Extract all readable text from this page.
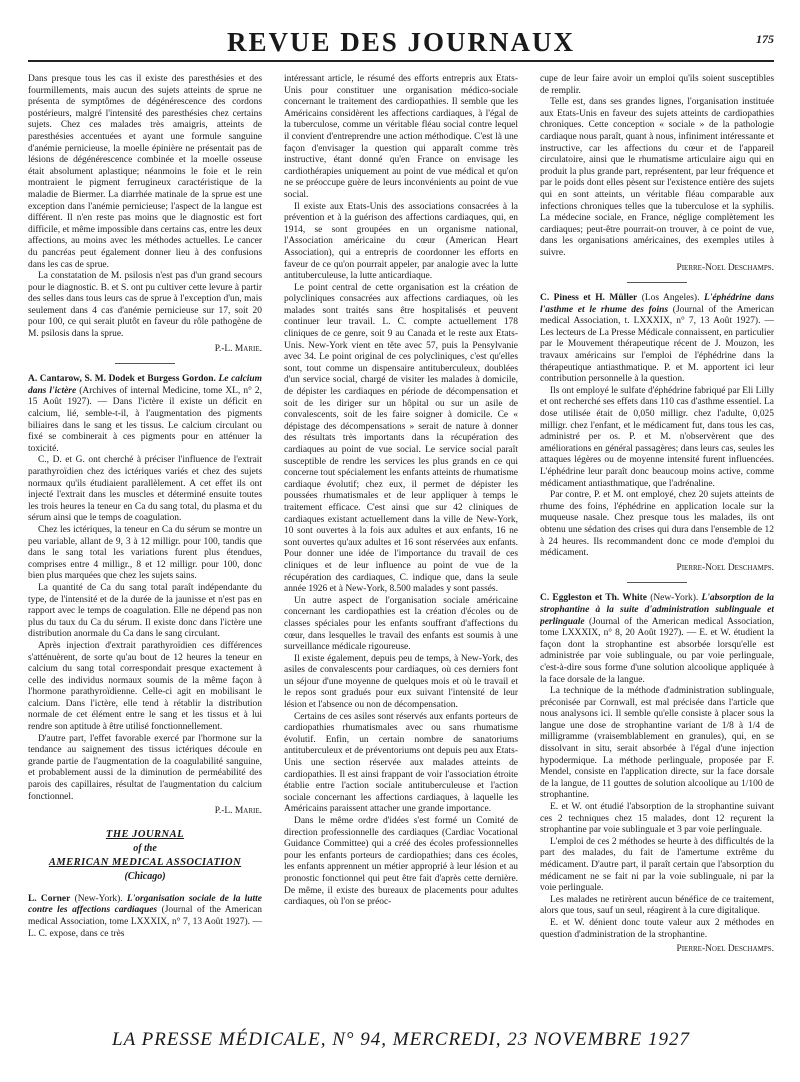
REVUE DES JOURNAUX	175

Dans presque tous les cas il existe des paresthésies et des fourmillements, mais aucun des sujets atteints de sprue ne présenta de symptômes de dégénérescence des cordons postérieurs, malgré l'intensité des paresthésies chez certains sujets. Chez ces malades très amaigris, atteints de paresthésies accentuées et ayant une formule sanguine d'anémie pernicieuse, la moelle épinière ne présentait pas de lésions de dégénérescence combinée et la moelle osseuse était absolument aplastique; néanmoins le foie et le rein montraient le pigment ferrugineux caractéristique de la maladie de Biermer. La diarrhée matinale de la sprue est une exception dans l'anémie pernicieuse; l'aspect de la langue est différent. Il n'en reste pas moins que le diagnostic est fort difficile, et même impossible dans certains cas, entre les deux affections, au moins avec les méthodes actuelles. Le cancer du pancréas peut également donner lieu à des confusions dans les cas de sprue.

La constatation de M. psilosis n'est pas d'un grand secours pour le diagnostic. B. et S. ont pu cultiver cette levure à partir des selles dans tous leurs cas de sprue à l'exception d'un, mais seulement dans 4 cas d'anémie pernicieuse sur 17, soit 20 pour 100, ce qui serait plutôt en faveur du rôle pathogène de M. psilosis dans la sprue.

P.-L. Marie.

A. Cantarow, S. M. Dodek et Burgess Gordon. Le calcium dans l'ictère (Archives of internal Medicine, tome XL, n° 2, 15 Août 1927). — Dans l'ictère il existe un déficit en calcium, lié, semble-t-il, à l'augmentation des pigments biliaires dans le sang et les tissus. Le calcium circulant ou fixé se combinerait à ces pigments pour en atténuer la toxicité.

C., D. et G. ont cherché à préciser l'influence de l'extrait parathyroïdien chez des ictériques variés et chez des sujets normaux qu'ils étudiaient parallèlement. A cet effet ils ont injecté l'extrait dans les muscles et déterminé ensuite toutes les trois heures la teneur en Ca du sang total, du plasma et du sérum ainsi que le temps de coagulation.

Chez les ictériques, la teneur en Ca du sérum se montre un peu variable, allant de 9, 3 à 12 milligr. pour 100, tandis que dans le sang total les variations furent plus étendues, comprises entre 4 milligr., 8 et 12 milligr. pour 100, donc bien plus marquées que chez les sujets sains.

La quantité de Ca du sang total paraît indépendante du type, de l'intensité et de la durée de la jaunisse et n'est pas en rapport avec le temps de coagulation. Elle ne dépend pas non plus du taux du Ca du sérum. Il existe donc dans l'ictère une distribution anormale du Ca dans le sang circulant.

Après injection d'extrait parathyroïdien ces différences s'atténuèrent, de sorte qu'au bout de 12 heures la teneur en calcium du sang total correspondait presque exactement à celle des individus normaux soumis de la même façon à l'hormone parathyroïdienne. Celle-ci agit en mobilisant le calcium. Dans l'ictère, elle tend à rétablir la distribution normale de cet élément entre le sang et les tissus et à lui rendre son aptitude à être utilisé fonctionnellement.

D'autre part, l'effet favorable exercé par l'hormone sur la tendance au saignement des tissus ictériques découle en grande partie de l'augmentation de la coagulabilité sanguine, et probablement aussi de la diminution de perméabilité des parois des capillaires, résultat de l'augmentation du calcium fonctionnel.

P.-L. Marie.
THE JOURNAL
of the
AMERICAN MEDICAL ASSOCIATION
(Chicago)

L. Corner (New-York). L'organisation sociale de la lutte contre les affections cardiaques (Journal of the American medical Association, tome LXXXIX, n° 7, 13 Août 1927). — L. C. expose, dans ce très

intéressant article, le résumé des efforts entrepris aux Etats-Unis pour constituer une organisation médico-sociale concernant le traitement des cardiopathies. Il semble que les Américains considèrent les affections cardiaques, à l'égal de la tuberculose, comme un véritable fléau social contre lequel il convient d'entreprendre une action méthodique. C'est là une façon d'envisager la question qui apparaît comme très instructive, étant donné qu'en France on envisage les cardiothérapies uniquement au point de vue médical et qu'on ne se préoccupe guère de leurs inconvénients au point de vue social.

Il existe aux Etats-Unis des associations consacrées à la prévention et à la guérison des affections cardiaques, qui, en 1914, se sont groupées en un organisme national, l'Association américaine du cœur (American Heart Association), qui a entrepris de coordonner les efforts en faveur de ce qu'on pourrait appeler, par analogie avec la lutte antituberculeuse, la lutte anticardiaque.

Le point central de cette organisation est la création de polycliniques consacrées aux affections cardiaques, où les malades sont traités sans être hospitalisés et peuvent continuer leur travail. L. C. compte actuellement 178 cliniques de ce genre, soit 9 au Canada et le reste aux Etats-Unis. New-York vient en tête avec 57, puis la Pensylvanie avec 34. Le point original de ces polycliniques, c'est qu'elles sont, tout comme un dispensaire antituberculeux, doublées d'un service social, chargé de visiter les malades à domicile, de dépister les cardiaques en période de décompensation et soit de les diriger sur un hôpital ou sur un asile de convalescents, soit de les faire soigner à domicile. Ce « dépistage des décompensations » serait de nature à donner des résultats très importants dans la récupération des cardiaques au point de vue social. Le service social paraît susceptible de rendre les services les plus grands en ce qui concerne tout spécialement les enfants atteints de rhumatisme cardiaque évolutif; chez eux, il permet de dépister les poussées rhumatismales et de leur appliquer à temps le traitement efficace. C'est ainsi que sur 42 cliniques de cardiaques existant actuellement dans la ville de New-York, 10 sont ouvertes à la fois aux adultes et aux enfants, 16 ne sont ouvertes qu'aux adultes et 16 sont réservées aux enfants. Pour donner une idée de l'importance du travail de ces cliniques et de leur influence au point de vue de la récupération des cardiaques, C. indique que, dans la seule année 1926 et à New-York, 8.500 malades y sont passés.

Un autre aspect de l'organisation sociale américaine concernant les cardiopathies est la création d'écoles ou de classes spéciales pour les enfants souffrant d'affections du cœur, dans lesquelles le travail des enfants est soumis à une surveillance médicale rigoureuse.

Il existe également, depuis peu de temps, à New-York, des asiles de convalescents pour cardiaques, où ces derniers font un séjour d'une moyenne de quelques mois et où le travail et le repos sont gradués pour eux suivant l'intensité de leur lésion et l'absence ou non de décompensation.

Certains de ces asiles sont réservés aux enfants porteurs de cardiopathies rhumatismales avec ou sans rhumatisme évolutif. Enfin, un certain nombre de sanatoriums antituberculeux et de préventoriums ont depuis peu aux Etats-Unis une section réservée aux malades atteints de cardiopathies. Il est ainsi frappant de voir l'association étroite établie entre l'action sociale antituberculeuse et l'action sociale concernant les affections cardiaques, à laquelle les Américains paraissent attacher une grande importance.

Dans le même ordre d'idées s'est formé un Comité de direction professionnelle des cardiaques (Cardiac Vocational Guidance Committee) qui a créé des écoles professionnelles pour les enfants porteurs de cardiopathies; dans ces écoles, les enfants apprennent un métier approprié à leur lésion et au pronostic fonctionnel qui peut être fait d'après cette dernière. De même, il existe des bureaux de placements pour adultes cardiaques, où l'on se préoc-

cupe de leur faire avoir un emploi qu'ils soient susceptibles de remplir.

Telle est, dans ses grandes lignes, l'organisation instituée aux Etats-Unis en faveur des sujets atteints de cardiopathies chroniques. Cette conception « sociale » de la pathologie cardiaque nous paraît, quant à nous, infiniment intéressante et instructive, car les affections du cœur et de l'appareil circulatoire, ainsi que le rhumatisme articulaire aigu qui en produit la plus grande part, représentent, par leur fréquence et par le poids dont elles pèsent sur l'existence entière des sujets qui en sont atteints, un véritable fléau comparable aux infections chroniques telles que la tuberculose et la syphilis. La médecine sociale, en France, néglige complètement les cardiaques; peut-être pourrait-on trouver, à ce point de vue, dans les organisations américaines, des exemples utiles à suivre.

Pierre-Noel Deschamps.

C. Piness et H. Müller (Los Angeles). L'éphédrine dans l'asthme et le rhume des foins (Journal of the American medical Association, t. LXXXIX, n° 7, 13 Août 1927). — Les lecteurs de La Presse Médicale connaissent, en particulier par le Mouvement thérapeutique récent de J. Mouzon, les travaux américains sur l'emploi de l'éphédrine dans la thérapeutique antiasthmatique. P. et M. apportent ici leur contribution personnelle à la question.

Ils ont employé le sulfate d'éphédrine fabriqué par Eli Lilly et ont recherché ses effets dans 110 cas d'asthme essentiel. La dose utilisée était de 0,050 milligr. chez l'adulte, 0,025 milligr. chez l'enfant, et le médicament fut, dans tous les cas, administré per os. P. et M. n'observèrent que des améliorations en général passagères; dans leurs cas, seules les attaques légères ou de moyenne intensité furent influencées. L'éphédrine leur paraît donc beaucoup moins active, comme médicament antiasthmatique, que l'adrénaline.

Par contre, P. et M. ont employé, chez 20 sujets atteints de rhume des foins, l'éphédrine en application locale sur la muqueuse nasale. Chez presque tous les malades, ils ont obtenu une sédation des crises qui dura dans l'ensemble de 12 à 24 heures. Ils recommandent donc ce mode d'emploi du médicament.

Pierre-Noel Deschamps.

C. Eggleston et Th. White (New-York). L'absorption de la strophantine à la suite d'administration sublinguale et perlinguale (Journal of the American medical Association, tome LXXXIX, n° 8, 20 Août 1927). — E. et W. étudient la façon dont la strophantine est absorbée lorsqu'elle est administrée par voie sublinguale, ou par voie perlinguale, c'est-à-dire sous forme d'une solution alcoolique appliquée à la face dorsale de la langue.

La technique de la méthode d'administration sublinguale, préconisée par Cornwall, est mal précisée dans l'article que nous analysons ici. Il semble qu'elle consiste à placer sous la langue une dose de strophantine variant de 1/8 à 1/4 de milligramme (vraisemblablement en granules), qui, en se dissolvant in situ, serait absorbée à l'égal d'une injection hypodermique. La méthode perlinguale, proposée par F. Mendel, consiste en l'application directe, sur la face dorsale de la langue, de 11 gouttes de solution alcoolique au 1/100 de strophantine.

E. et W. ont étudié l'absorption de la strophantine suivant ces 2 techniques chez 15 malades, dont 12 reçurent la strophantine par voie sublinguale et 3 par voie perlinguale.

L'emploi de ces 2 méthodes se heurte à des difficultés de la part des malades, du fait de l'amertume extrême du médicament. D'autre part, il paraît certain que l'absorption du médicament ne se fait ni par la voie sublinguale, ni par la voie perlinguale.

Les malades ne retirèrent aucun bénéfice de ce traitement, alors que tous, sauf un seul, réagirent à la cure digitalique.

E. et W. dénient donc toute valeur aux 2 méthodes en question d'administration de la strophantine.

Pierre-Noel Deschamps.
LA PRESSE MÉDICALE, N° 94, MERCREDI, 23 NOVEMBRE 1927
